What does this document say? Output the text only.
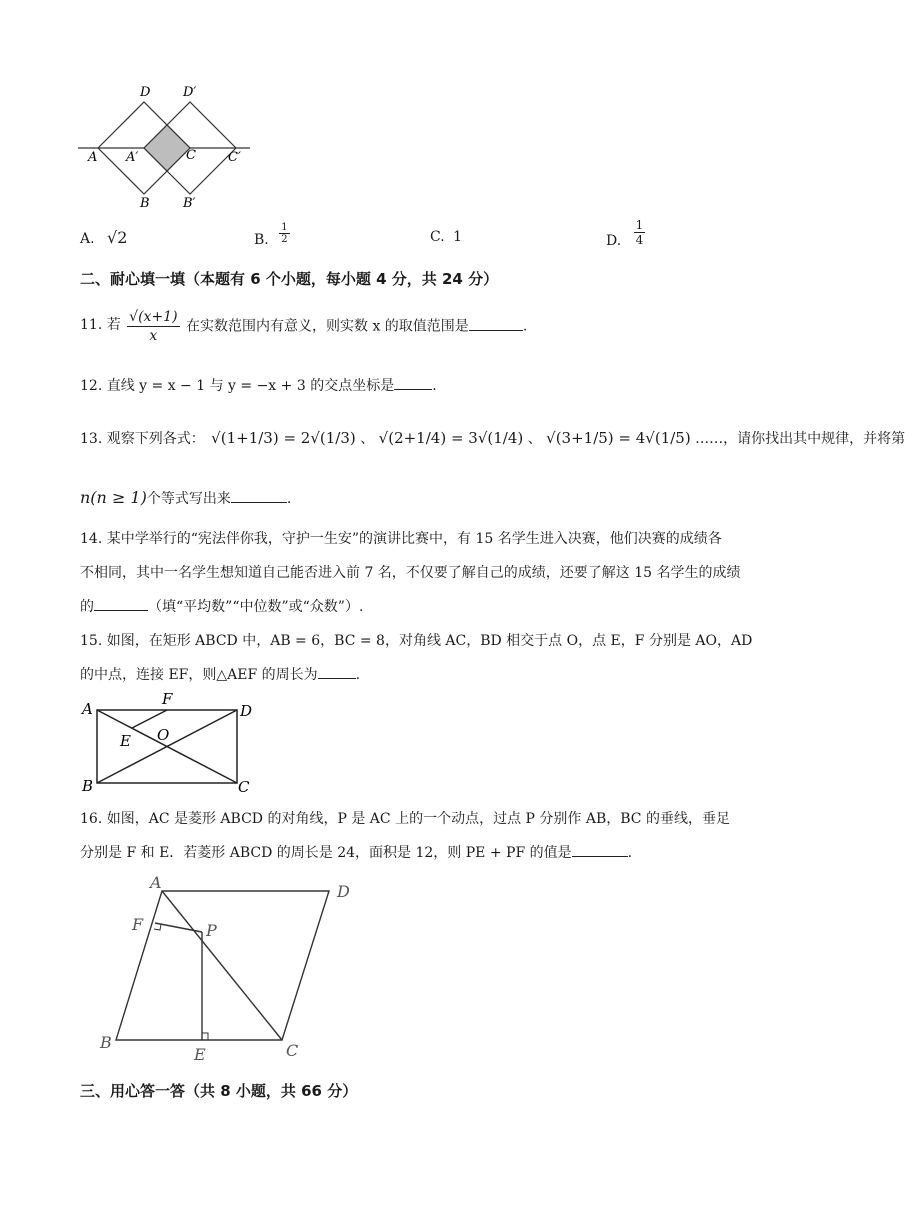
D	D′
A A′	C C′
B	B′
A. √2	B. $\frac{1}{2}$	C. 1	D. $\frac{1}{4}$
二、耐心填一填（本题有 6 个小题，每小题 4 分，共 24 分）
11. 若 $\frac{√(x+1)}{x}$ 在实数范围内有意义，则实数 x 的取值范围是	.
12. 直线 y = x − 1 与 y = −x + 3 的交点坐标是	.
13. 观察下列各式： √(1+1/3) = 2√(1/3) 、 √(2+1/4) = 3√(1/4) 、 √(3+1/5) = 4√(1/5) ……，请你找出其中规律，并将第
n(n ≥ 1)个等式写出来	.
14. 某中学举行的“宪法伴你我，守护一生安”的演讲比赛中，有 15 名学生进入决赛，他们决赛的成绩各
不相同，其中一名学生想知道自己能否进入前 7 名，不仅要了解自己的成绩，还要了解这 15 名学生的成绩
的	（填“平均数”“中位数”或“众数”）.
15. 如图，在矩形 ABCD 中，AB = 6，BC = 8，对角线 AC，BD 相交于点 O，点 E，F 分别是 AO，AD
的中点，连接 EF，则△AEF 的周长为	.
A
F
D
E O
B	C
16. 如图，AC 是菱形 ABCD 的对角线，P 是 AC 上的一个动点，过点 P 分别作 AB，BC 的垂线，垂足
分别是 F 和 E．若菱形 ABCD 的周长是 24，面积是 12，则 PE + PF 的值是	.
A	D
F	P
B
E	C
三、用心答一答（共 8 小题，共 66 分）
